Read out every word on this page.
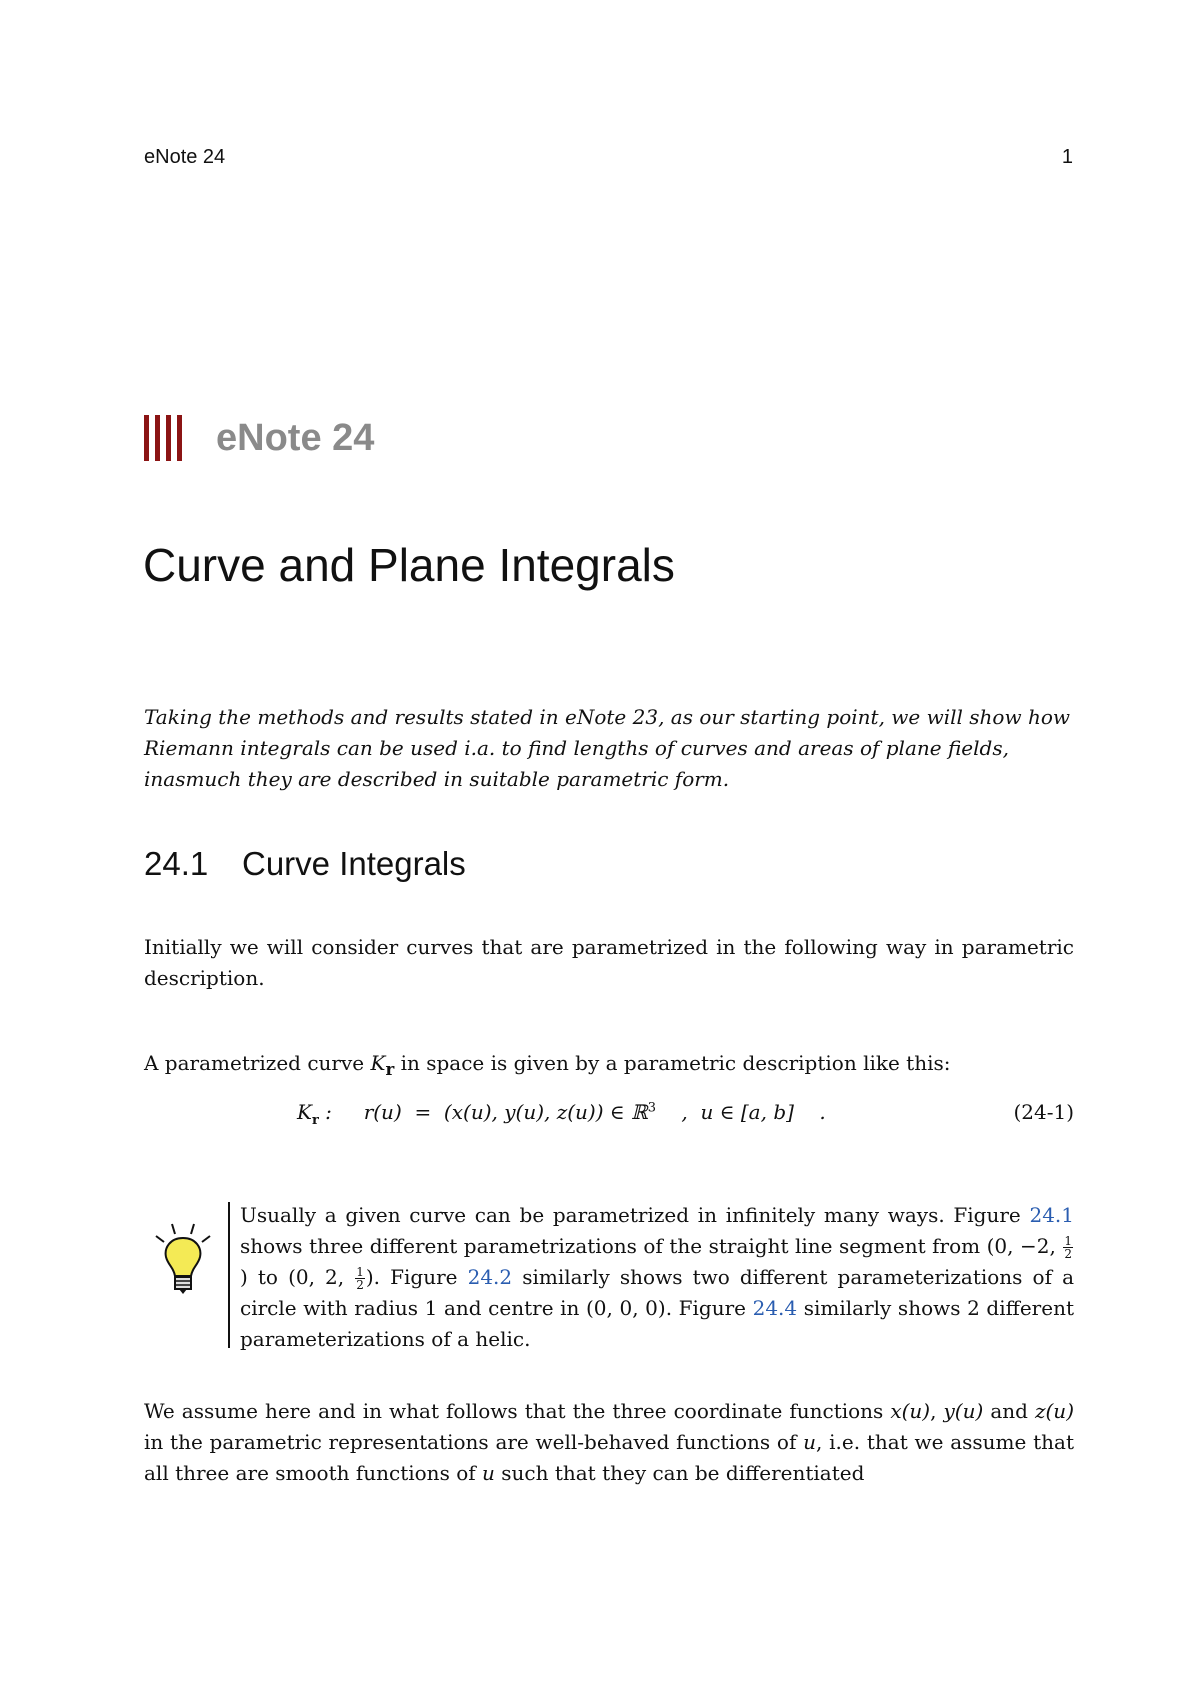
eNote 24	1
eNote 24
Curve and Plane Integrals

Taking the methods and results stated in eNote 23, as our starting point, we will show how Riemann integrals can be used i.a. to find lengths of curves and areas of plane fields, inasmuch they are described in suitable parametric form.

24.1 Curve Integrals

Initially we will consider curves that are parametrized in the following way in parametric description.

A parametrized curve $K_r$ in space is given by a parametric description like this:

$K_r$ :     r(u)  =  (x(u), y(u), z(u)) ∈ ℝ$^3$    ,  u ∈ [a, b]    .	(24-1)

Usually a given curve can be parametrized in infinitely many ways. Figure 24.1 shows three different parametrizations of the straight line segment from (0, −2, $\frac{1}{2}$
) to (0, 2, $\frac{1}{2}$ ). Figure 24.2 similarly shows two different parameterizations of a circle with radius 1 and centre in (0, 0, 0). Figure 24.4 similarly shows 2 different parameterizations of a helic.

We assume here and in what follows that the three coordinate functions x(u), y(u) and z(u) in the parametric representations are well-behaved functions of u, i.e. that we assume that all three are smooth functions of u such that they can be differentiated
